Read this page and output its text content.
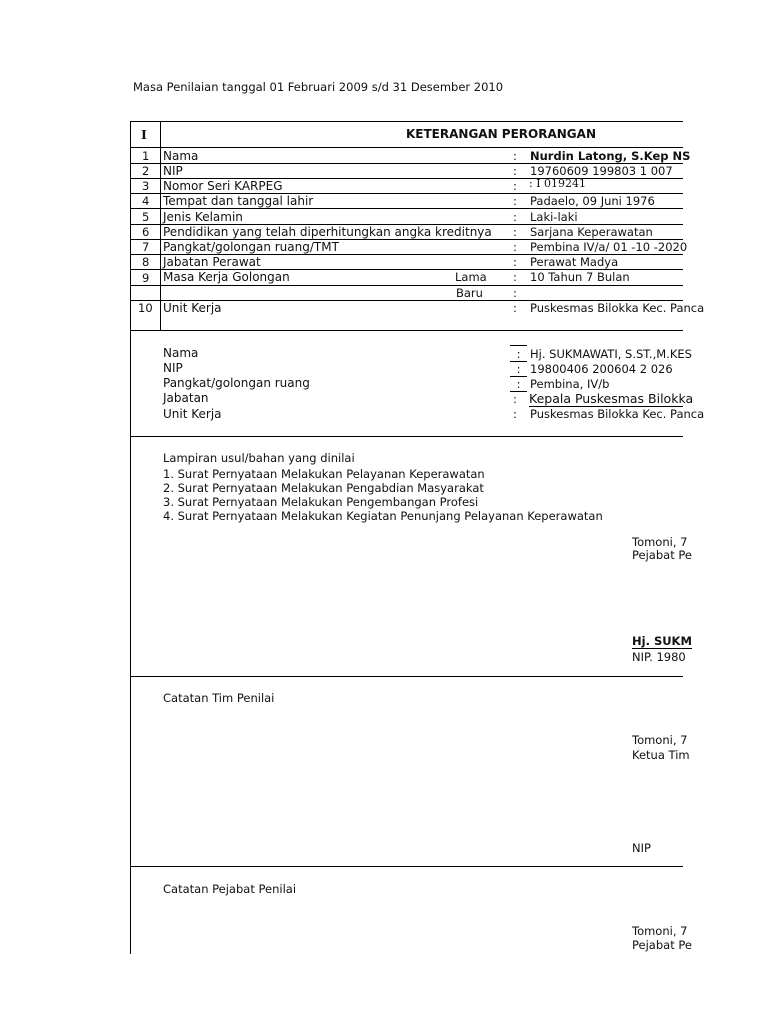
Masa Penilaian tanggal 01 Februari 2009 s/d 31 Desember 2010
I	KETERANGAN PERORANGAN
1 Nama	: Nurdin Latong, S.Kep NS
2 NIP	: 19760609 199803 1 007
3 Nomor Seri KARPEG	: : I 019241
4 Tempat dan tanggal lahir	: Padaelo, 09 Juni 1976
5 Jenis Kelamin	: Laki-laki
6 Pendidikan yang telah diperhitungkan angka kreditnya : Sarjana Keperawatan
7 Pangkat/golongan ruang/TMT	: Pembina IV/a/ 01 -10 -2020
8 Jabatan Perawat	: Perawat Madya
9 Masa Kerja Golongan	Lama : 10 Tahun 7 Bulan
Baru	:
10 Unit Kerja	: Puskesmas Bilokka Kec. Panca
Nama	: Hj. SUKMAWATI, S.ST.,M.KES
NIP	: 19800406 200604 2 026
Pangkat/golongan ruang	: Pembina, IV/b
Jabatan	: Kepala Puskesmas Bilokka
Unit Kerja	: Puskesmas Bilokka Kec. Panca
Lampiran usul/bahan yang dinilai
1. Surat Pernyataan Melakukan Pelayanan Keperawatan
2. Surat Pernyataan Melakukan Pengabdian Masyarakat
3. Surat Pernyataan Melakukan Pengembangan Profesi
4. Surat Pernyataan Melakukan Kegiatan Penunjang Pelayanan Keperawatan
Tomoni, 7
Pejabat Pe
Hj. SUKM
NIP. 1980
Catatan Tim Penilai
Tomoni, 7
Ketua Tim
NIP
Catatan Pejabat Penilai
Tomoni, 7
Pejabat Pe
